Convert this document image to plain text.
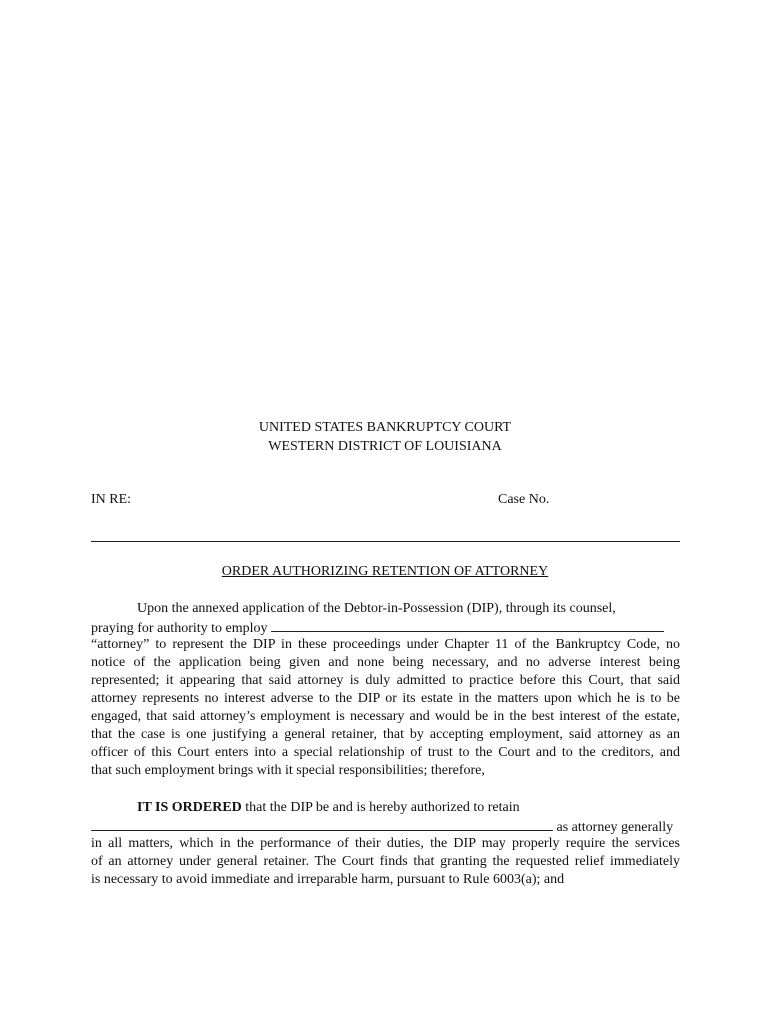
UNITED STATES BANKRUPTCY COURT
WESTERN DISTRICT OF LOUISIANA
IN RE:	Case No.
ORDER AUTHORIZING RETENTION OF ATTORNEY
Upon the annexed application of the Debtor-in-Possession (DIP), through its counsel,
praying for authority to employ
“attorney” to represent the DIP in these proceedings under Chapter 11 of the Bankruptcy Code, no
notice of the application being given and none being necessary, and no adverse interest being
represented; it appearing that said attorney is duly admitted to practice before this Court, that said
attorney represents no interest adverse to the DIP or its estate in the matters upon which he is to be
engaged, that said attorney’s employment is necessary and would be in the best interest of the estate,
that the case is one justifying a general retainer, that by accepting employment, said attorney as an
officer of this Court enters into a special relationship of trust to the Court and to the creditors, and
that such employment brings with it special responsibilities; therefore,
IT IS ORDERED that the DIP be and is hereby authorized to retain
as attorney generally
in all matters, which in the performance of their duties, the DIP may properly require the services
of an attorney under general retainer. The Court finds that granting the requested relief immediately
is necessary to avoid immediate and irreparable harm, pursuant to Rule 6003(a); and
